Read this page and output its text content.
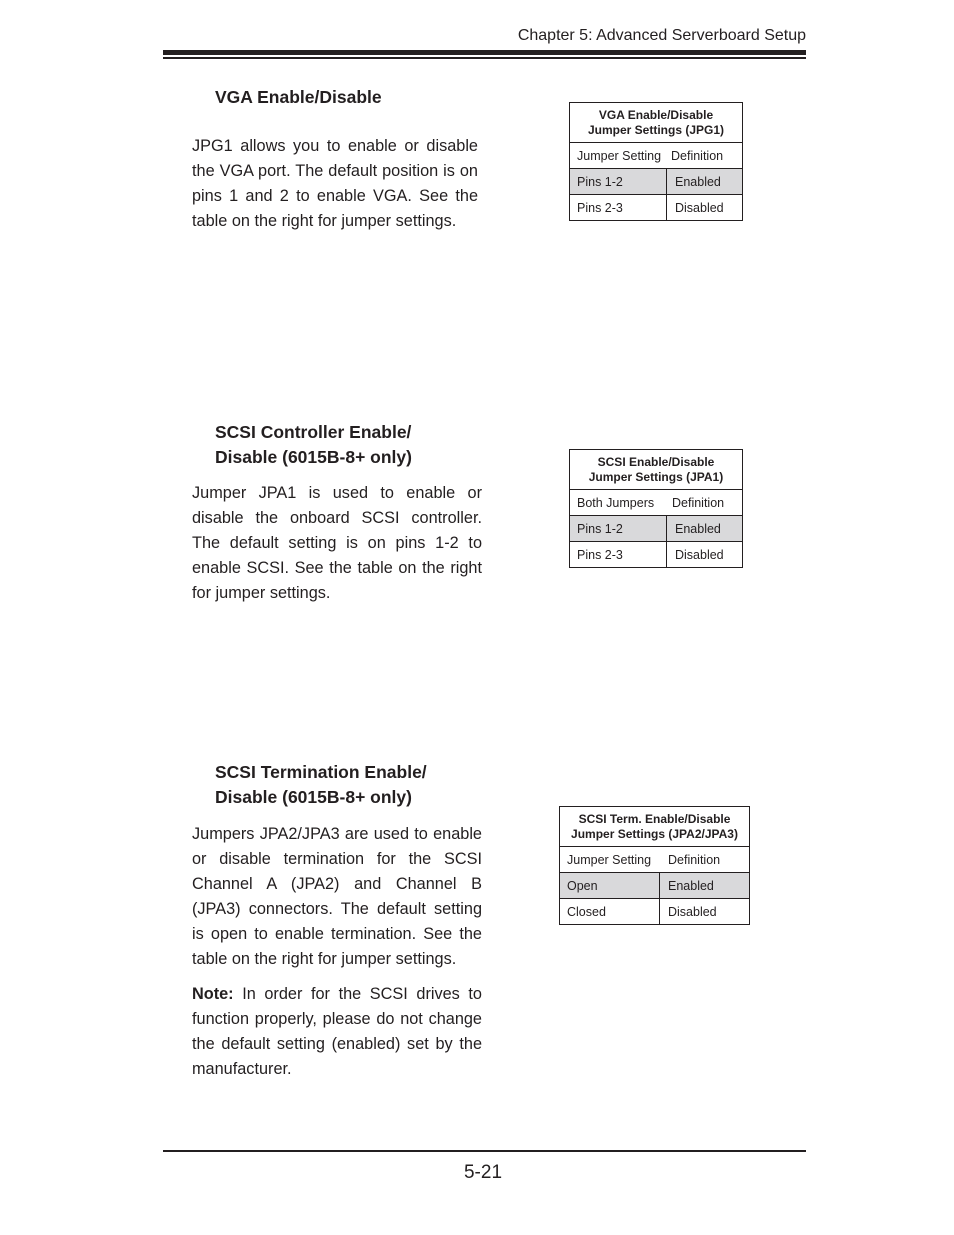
Chapter 5: Advanced Serverboard Setup
VGA Enable/Disable

JPG1 allows you to enable or disable the VGA port. The default position is on pins 1 and 2 to enable VGA. See the table on the right for jumper settings.

VGA Enable/Disable
Jumper Settings (JPG1)
Jumper Setting Definition
Pins 1-2	Enabled
Pins 2-3	Disabled
SCSI Controller Enable/
Disable (6015B-8+ only)

Jumper JPA1 is used to enable or disable the onboard SCSI controller. The default setting is on pins 1-2 to enable SCSI. See the table on the right for jumper settings.

SCSI Enable/Disable
Jumper Settings (JPA1)
Both Jumpers	Definition
Pins 1-2	Enabled
Pins 2-3	Disabled
SCSI Termination Enable/
Disable (6015B-8+ only)

Jumpers JPA2/JPA3 are used to enable or disable termination for the SCSI Channel A (JPA2) and Channel B (JPA3) connectors. The default setting is open to enable termination. See the table on the right for jumper settings.

Note: In order for the SCSI drives to function properly, please do not change the default setting (enabled) set by the manufacturer.

SCSI Term. Enable/Disable
Jumper Settings (JPA2/JPA3)
Jumper Setting	Definition
Open	Enabled
Closed	Disabled
5-21
